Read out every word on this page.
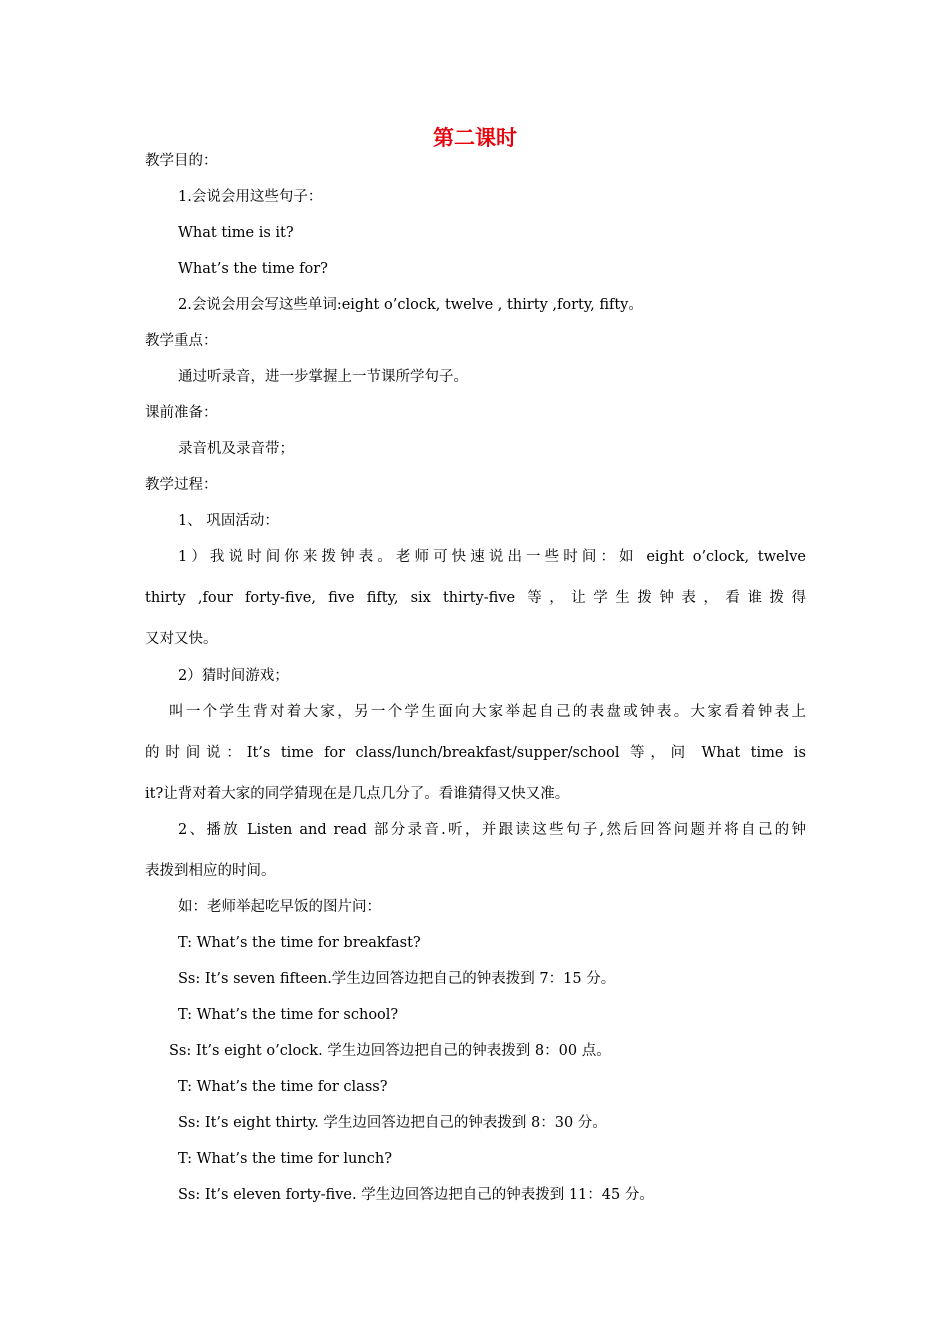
第二课时
教学目的：
1.会说会用这些句子：
What time is it?
What’s the time for?
2.会说会用会写这些单词:eight o’clock, twelve , thirty ,forty, fifty。
教学重点：
通过听录音，进一步掌握上一节课所学句子。
课前准备：
录音机及录音带；
教学过程：
1、 巩固活动：
1）我说时间你来拨钟表。老师可快速说出一些时间：如 eight o’clock, twelve
thirty ,four forty-five, five fifty, six thirty-five 等，让学生拨钟表，看谁拨得
又对又快。
2）猜时间游戏；
叫一个学生背对着大家，另一个学生面向大家举起自己的表盘或钟表。大家看着钟表上
的时间说：It’s time for class/lunch/breakfast/supper/school 等，问 What time is
it?让背对着大家的同学猜现在是几点几分了。看谁猜得又快又准。
2、播放 Listen and read 部分录音.听，并跟读这些句子,然后回答问题并将自己的钟
表拨到相应的时间。
如：老师举起吃早饭的图片问：
T: What’s the time for breakfast?
Ss: It’s seven fifteen.学生边回答边把自己的钟表拨到 7：15 分。
T: What’s the time for school?
Ss: It’s eight o’clock. 学生边回答边把自己的钟表拨到 8：00 点。
T: What’s the time for class?
Ss: It’s eight thirty. 学生边回答边把自己的钟表拨到 8：30 分。
T: What’s the time for lunch?
Ss: It’s eleven forty-five. 学生边回答边把自己的钟表拨到 11：45 分。
